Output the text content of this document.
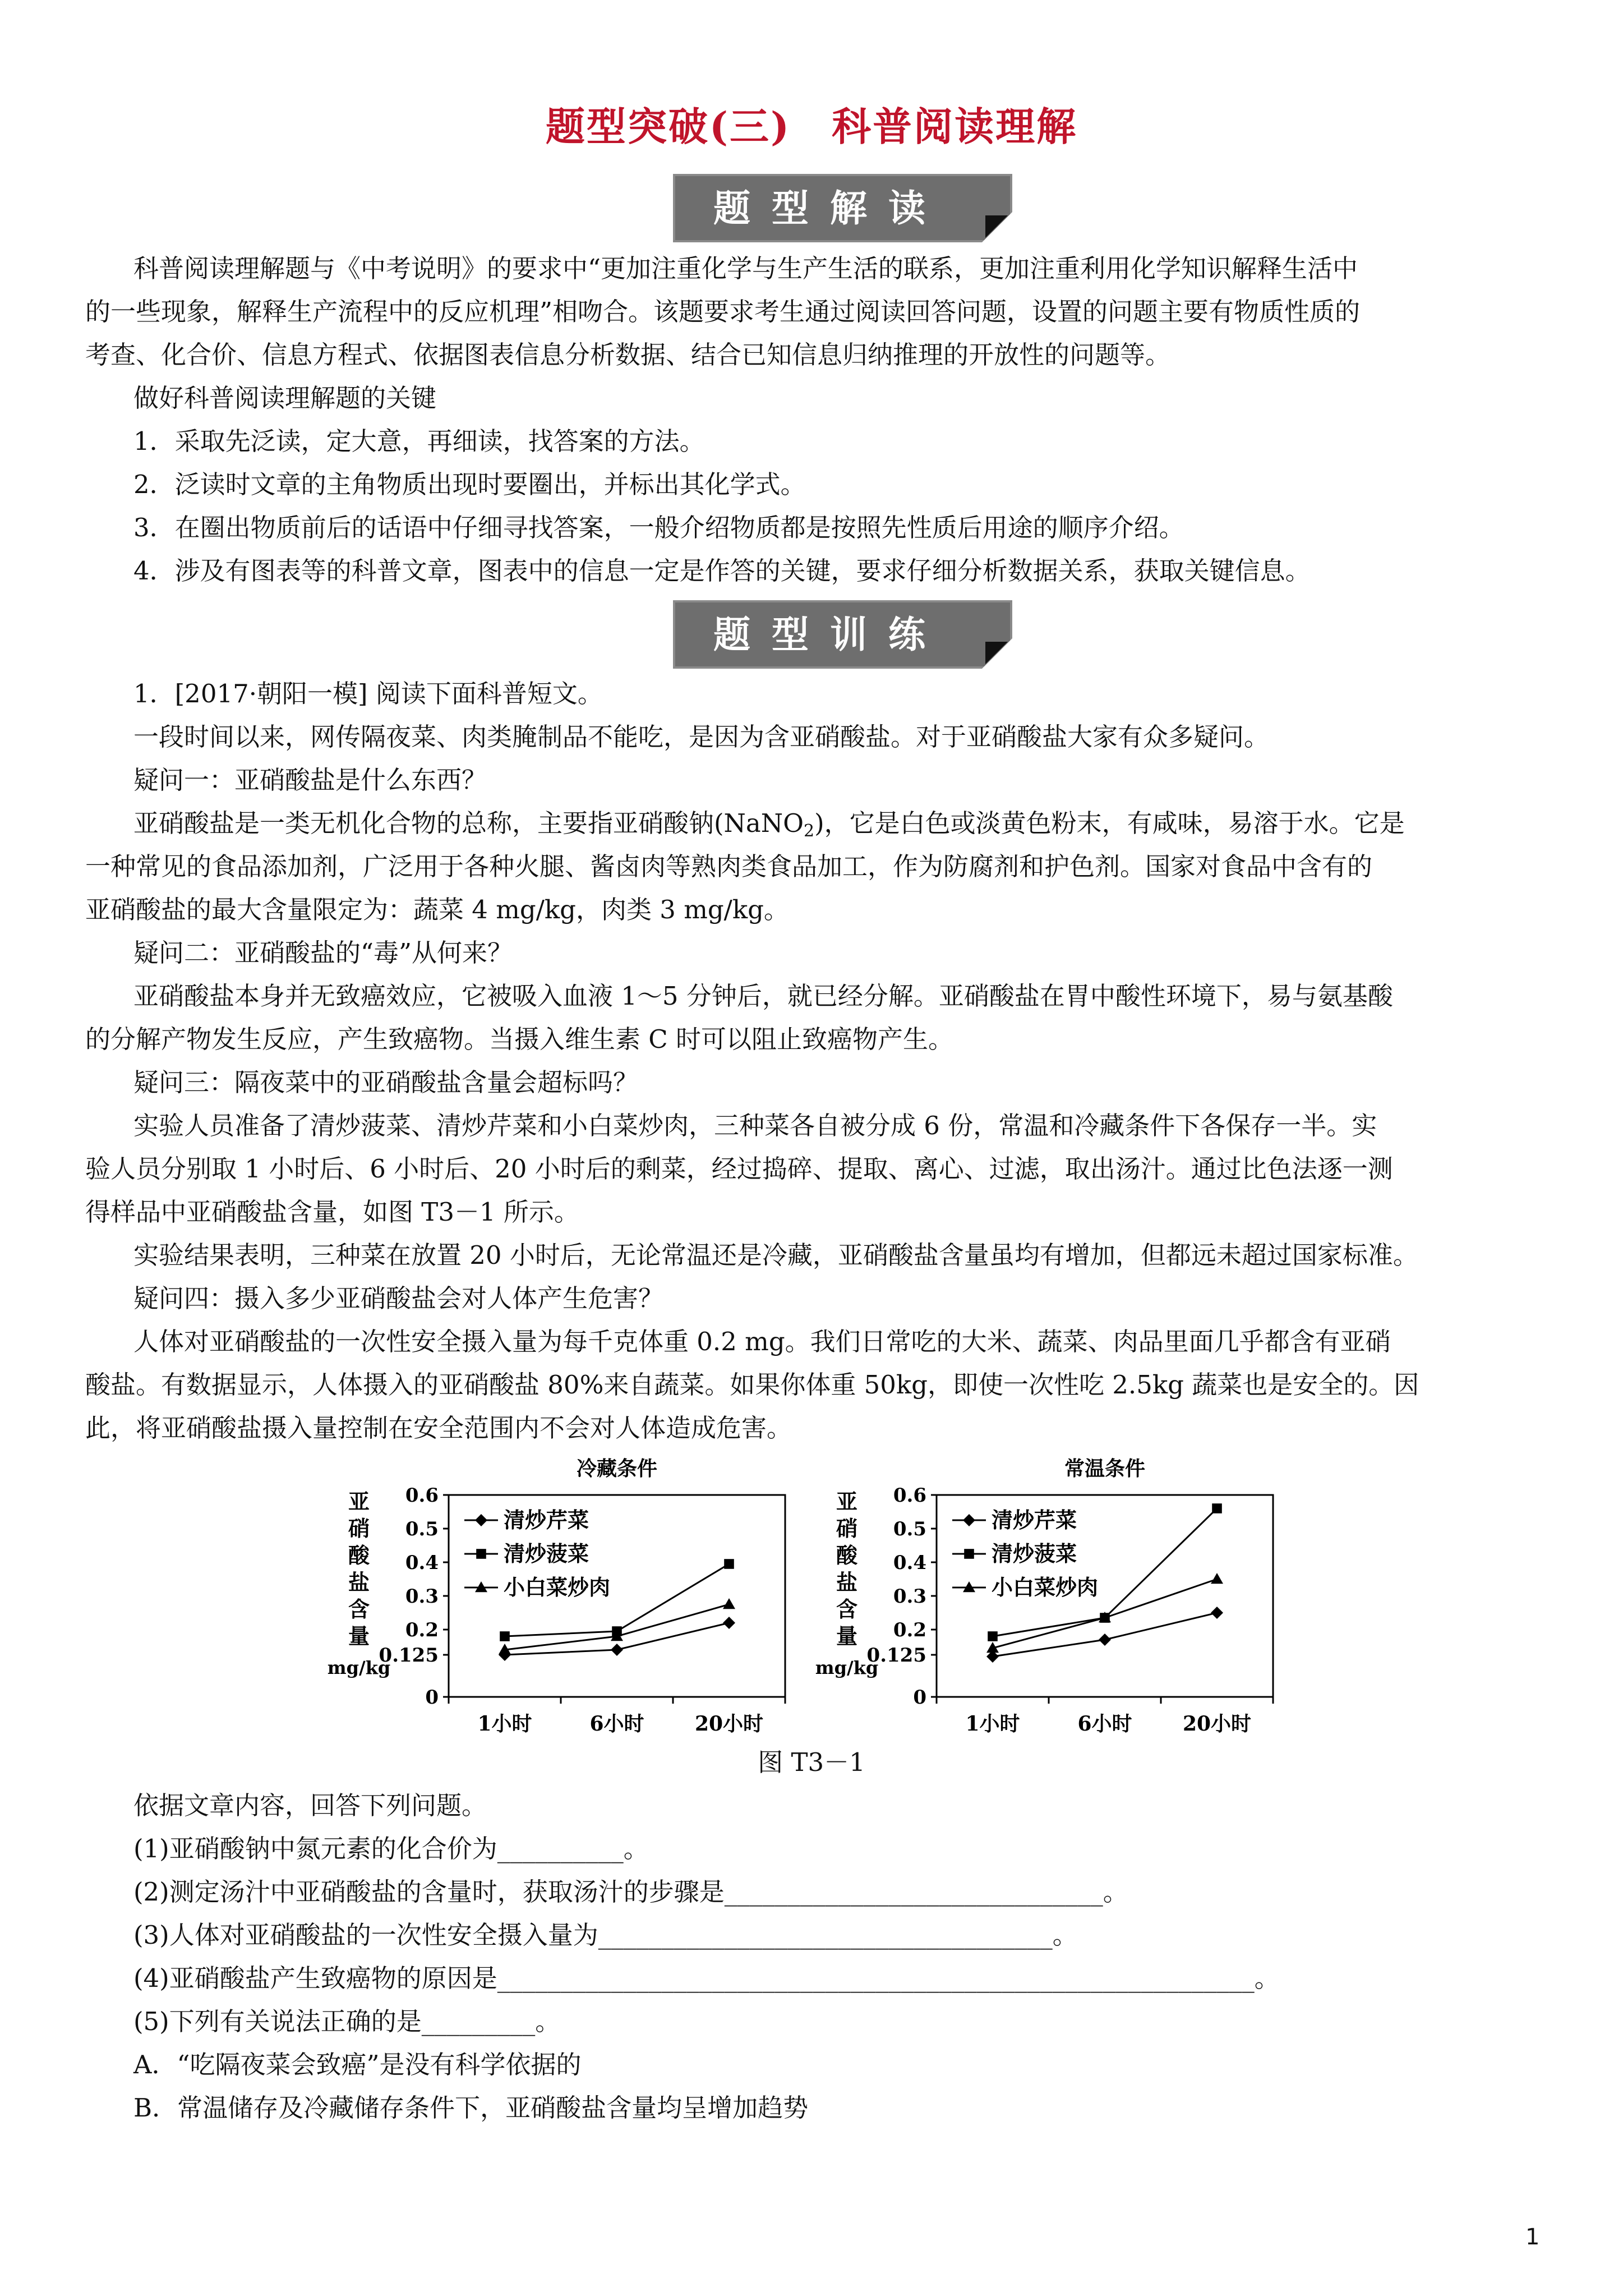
题型突破(三)　科普阅读理解
题型解读
科普阅读理解题与《中考说明》的要求中“更加注重化学与生产生活的联系，更加注重利用化学知识解释生活中
的一些现象，解释生产流程中的反应机理”相吻合。该题要求考生通过阅读回答问题，设置的问题主要有物质性质的
考查、化合价、信息方程式、依据图表信息分析数据、结合已知信息归纳推理的开放性的问题等。
做好科普阅读理解题的关键
1．采取先泛读，定大意，再细读，找答案的方法。
2．泛读时文章的主角物质出现时要圈出，并标出其化学式。
3．在圈出物质前后的话语中仔细寻找答案，一般介绍物质都是按照先性质后用途的顺序介绍。
4．涉及有图表等的科普文章，图表中的信息一定是作答的关键，要求仔细分析数据关系，获取关键信息。
题型训练
1．[2017·朝阳一模] 阅读下面科普短文。
一段时间以来，网传隔夜菜、肉类腌制品不能吃，是因为含亚硝酸盐。对于亚硝酸盐大家有众多疑问。
疑问一：亚硝酸盐是什么东西？
亚硝酸盐是一类无机化合物的总称，主要指亚硝酸钠(NaNO$_2$)，它是白色或淡黄色粉末，有咸味，易溶于水。它是
一种常见的食品添加剂，广泛用于各种火腿、酱卤肉等熟肉类食品加工，作为防腐剂和护色剂。国家对食品中含有的
亚硝酸盐的最大含量限定为：蔬菜 4 mg/kg，肉类 3 mg/kg。
疑问二：亚硝酸盐的“毒”从何来？
亚硝酸盐本身并无致癌效应，它被吸入血液 1～5 分钟后，就已经分解。亚硝酸盐在胃中酸性环境下，易与氨基酸
的分解产物发生反应，产生致癌物。当摄入维生素 C 时可以阻止致癌物产生。
疑问三：隔夜菜中的亚硝酸盐含量会超标吗？
实验人员准备了清炒菠菜、清炒芹菜和小白菜炒肉，三种菜各自被分成 6 份，常温和冷藏条件下各保存一半。实
验人员分别取 1 小时后、6 小时后、20 小时后的剩菜，经过捣碎、提取、离心、过滤，取出汤汁。通过比色法逐一测
得样品中亚硝酸盐含量，如图 T3－1 所示。
实验结果表明，三种菜在放置 20 小时后，无论常温还是冷藏，亚硝酸盐含量虽均有增加，但都远未超过国家标准。
疑问四：摄入多少亚硝酸盐会对人体产生危害？
人体对亚硝酸盐的一次性安全摄入量为每千克体重 0.2 mg。我们日常吃的大米、蔬菜、肉品里面几乎都含有亚硝
酸盐。有数据显示，人体摄入的亚硝酸盐 80%来自蔬菜。如果你体重 50kg，即使一次性吃 2.5kg 蔬菜也是安全的。因
此，将亚硝酸盐摄入量控制在安全范围内不会对人体造成危害。
冷藏条件
亚
硝
酸
盐
含
量
mg/kg
0
0.125
0.2
0.3
0.4
0.5
0.6
1小时	6小时	20小时
清炒芹菜
清炒菠菜
小白菜炒肉
常温条件
亚
硝
酸
盐
含
量
mg/kg
0
0.125
0.2
0.3
0.4
0.5
0.6
1小时	6小时	20小时
清炒芹菜
清炒菠菜
小白菜炒肉
图 T3－1
依据文章内容，回答下列问题。
(1)亚硝酸钠中氮元素的化合价为__________。
(2)测定汤汁中亚硝酸盐的含量时，获取汤汁的步骤是______________________________。
(3)人体对亚硝酸盐的一次性安全摄入量为____________________________________。
(4)亚硝酸盐产生致癌物的原因是____________________________________________________________。
(5)下列有关说法正确的是_________。
A．“吃隔夜菜会致癌”是没有科学依据的
B．常温储存及冷藏储存条件下，亚硝酸盐含量均呈增加趋势
1
